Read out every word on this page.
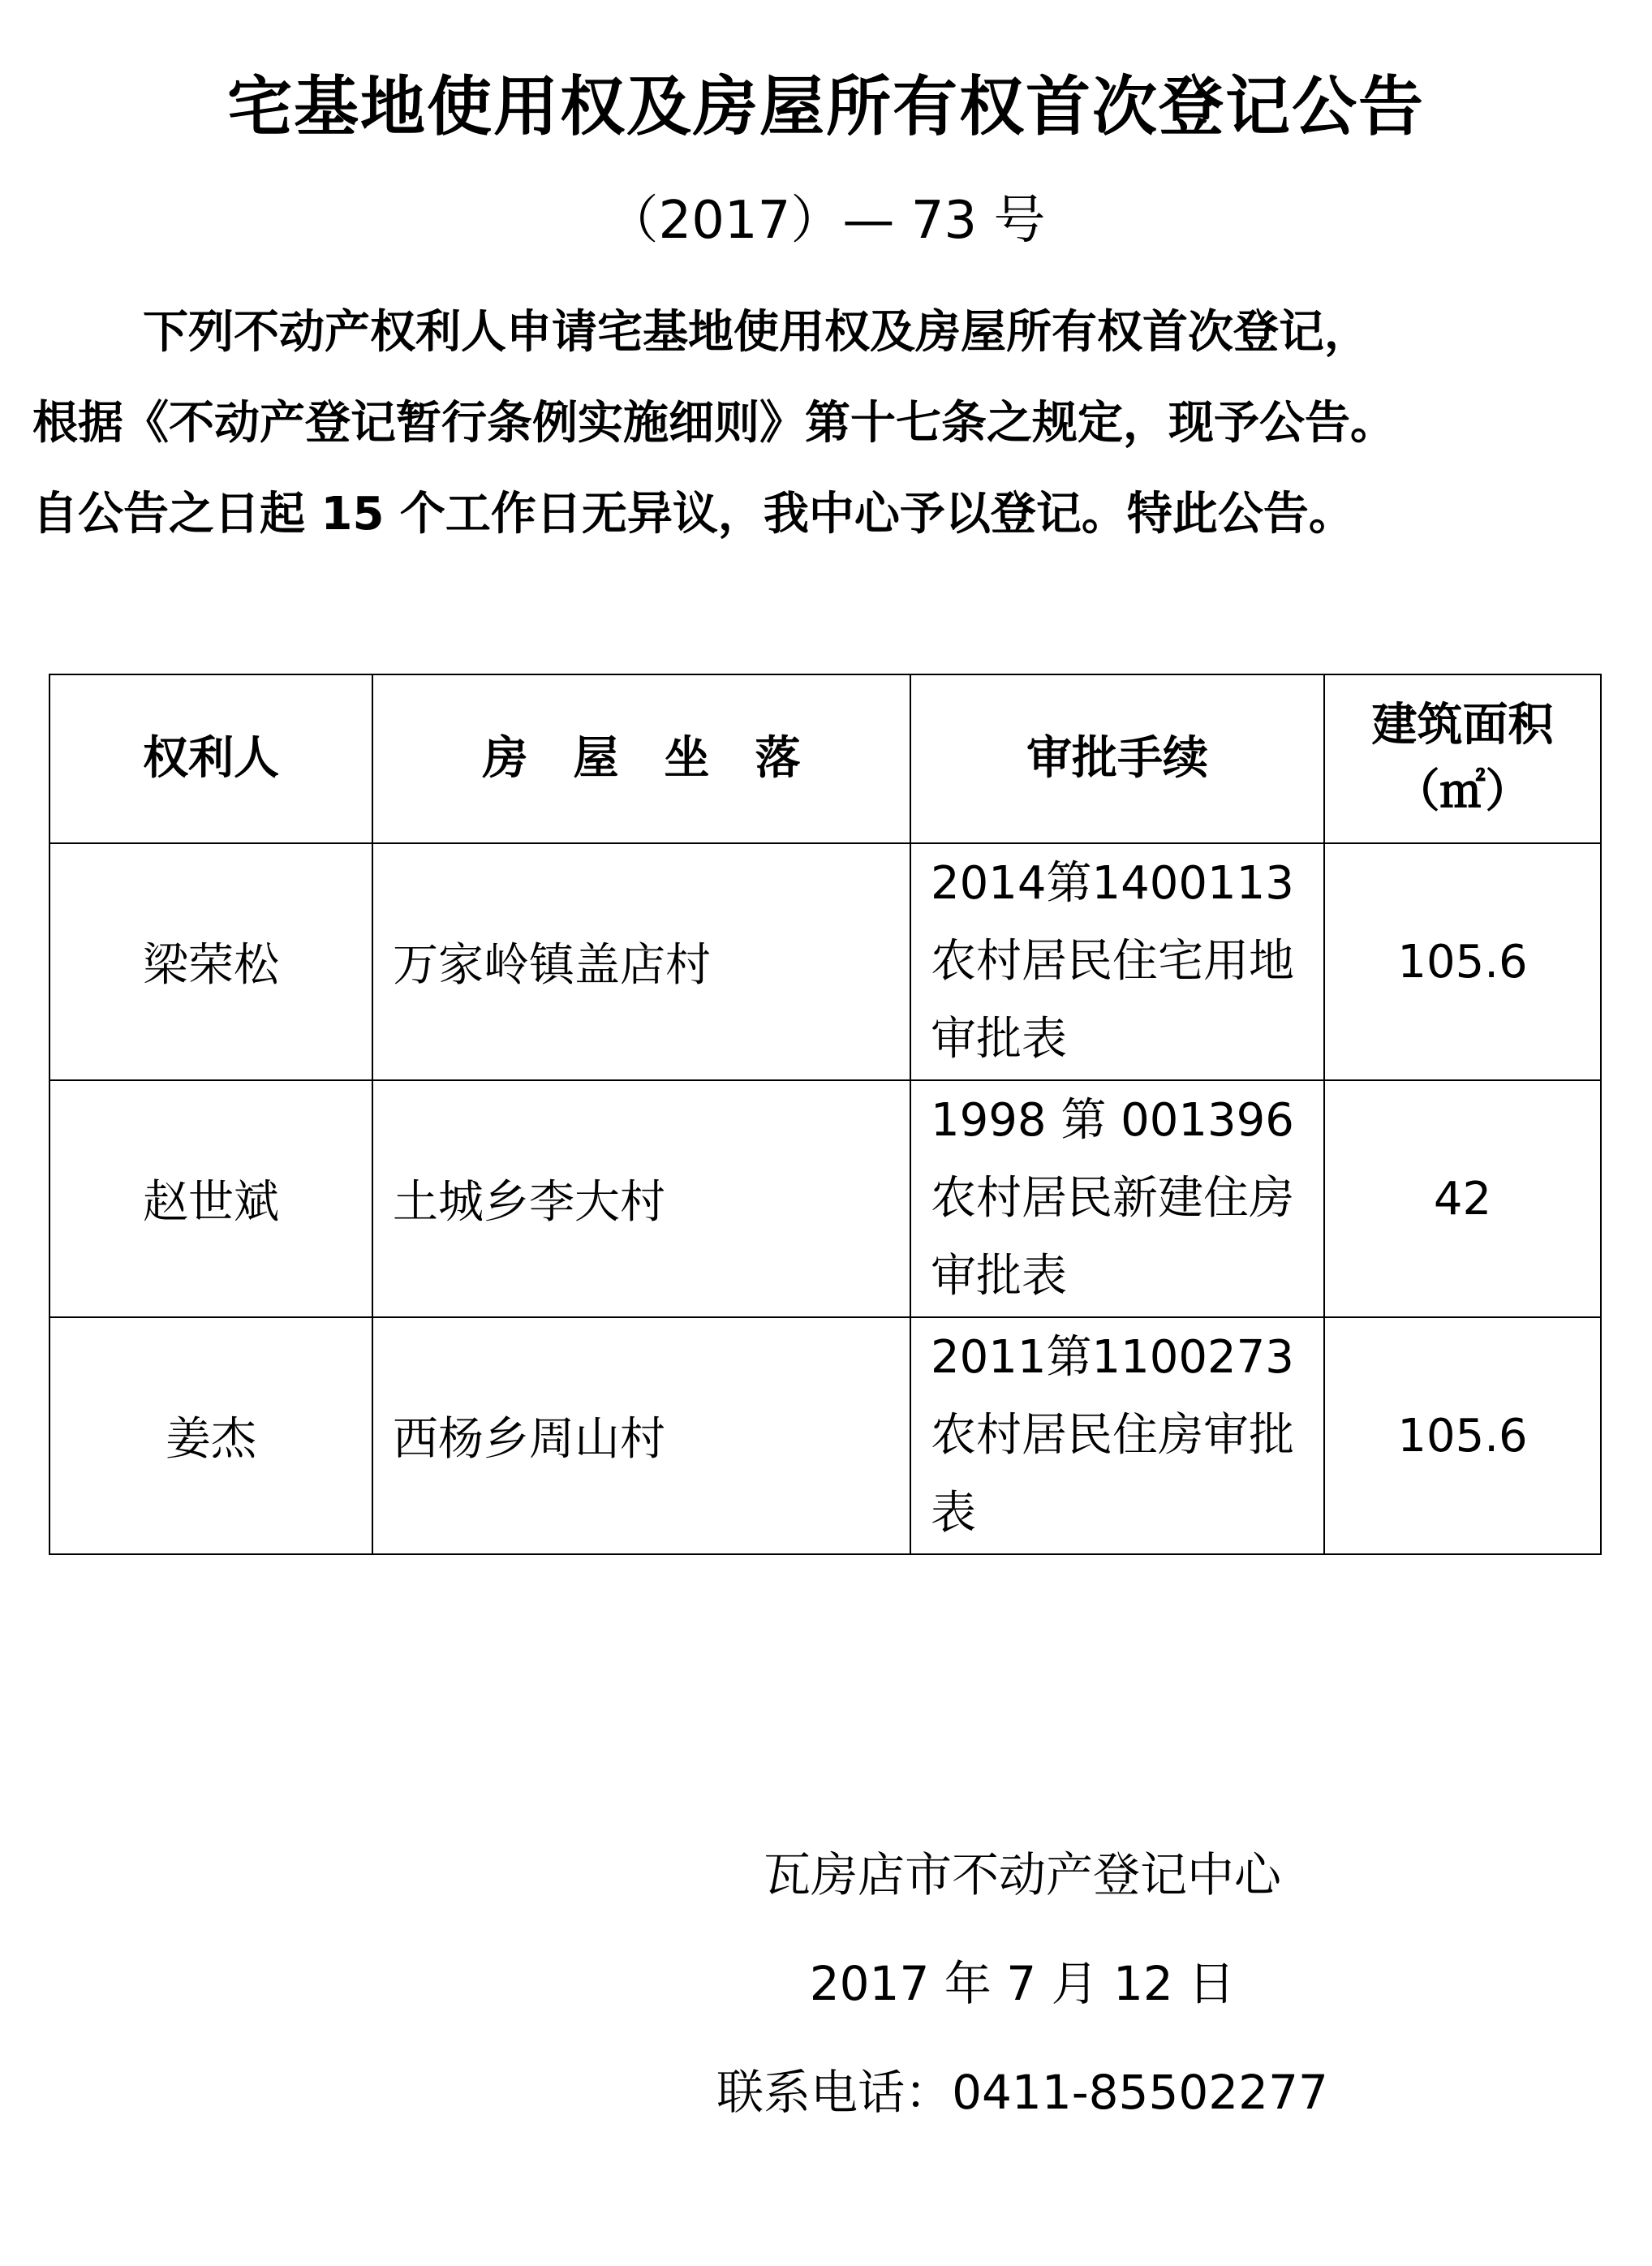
宅基地使用权及房屋所有权首次登记公告
（2017）— 73 号
下列不动产权利人申请宅基地使用权及房屋所有权首次登记，
根据《不动产登记暂行条例实施细则》第十七条之规定，现予公告。
自公告之日起 15 个工作日无异议，我中心予以登记。特此公告。
权利人	房屋坐落	审批手续	建筑面积
（㎡）

梁荣松	万家岭镇盖店村	2014第1400113农村居民住宅用地审批表	105.6
赵世斌	土城乡李大村	1998 第 001396农村居民新建住房审批表	42
姜杰	西杨乡周山村	2011第1100273农村居民住房审批表	105.6
瓦房店市不动产登记中心
2017 年 7 月 12 日
联系电话：0411-85502277
